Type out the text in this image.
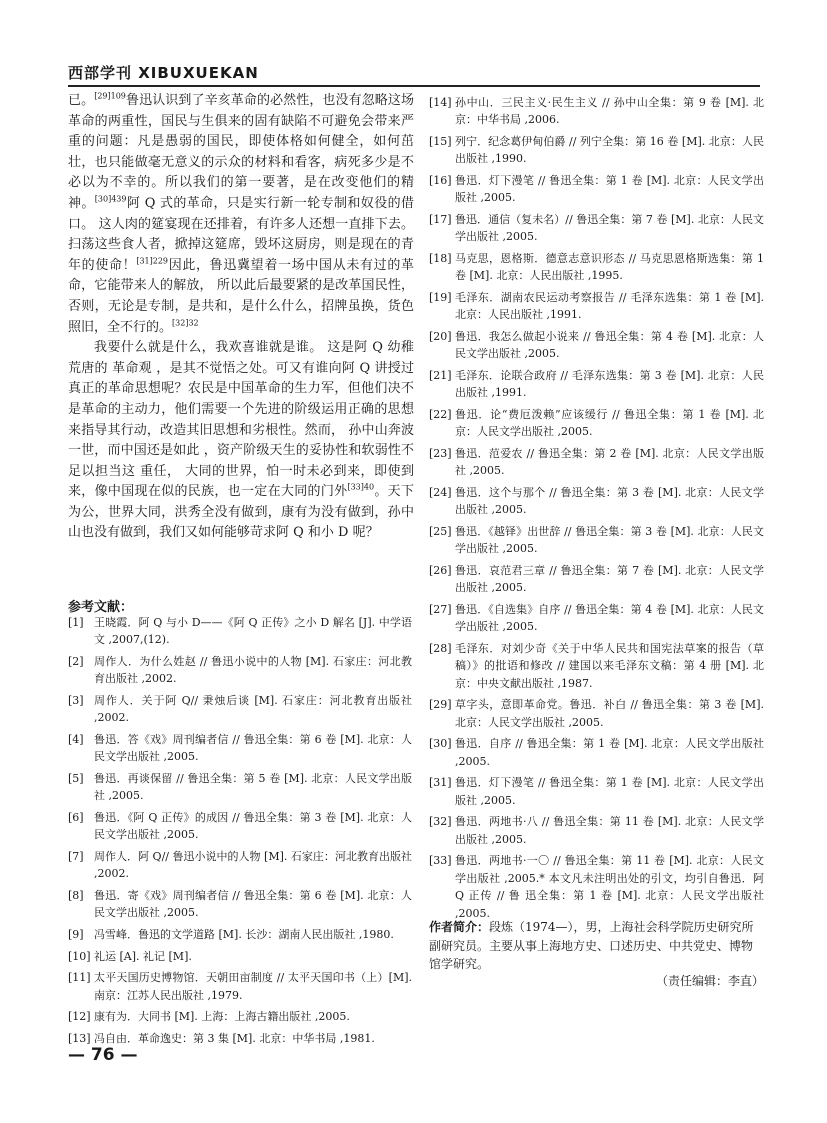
西部学刊 XIBUXUEKAN

已。$^{[29]109}$鲁迅认识到了辛亥革命的必然性，也没有忽略这场革命的两重性，国民与生俱来的固有缺陷不可避免会带来严重的问题：凡是愚弱的国民，即使体格如何健全，如何茁壮，也只能做毫无意义的示众的材料和看客，病死多少是不必以为不幸的。所以我们的第一要著，是在改变他们的精神。$^{[30]439}$阿 Q 式的革命，只是实行新一轮专制和奴役的借口。 这人肉的筵宴现在还排着，有许多人还想一直排下去。扫荡这些食人者，掀掉这筵席，毁坏这厨房，则是现在的青年的使命！$^{[31]229}$因此，鲁迅冀望着一场中国从未有过的革命，它能带来人的解放， 所以此后最要紧的是改革国民性，否则，无论是专制，是共和，是什么什么，招牌虽换，货色照旧，全不行的。$^{[32]32}$

我要什么就是什么，我欢喜谁就是谁。 这是阿 Q 幼稚荒唐的 革命观 ，是其不觉悟之处。可又有谁向阿 Q 讲授过真正的革命思想呢？农民是中国革命的生力军，但他们决不是革命的主动力，他们需要一个先进的阶级运用正确的思想来指导其行动，改造其旧思想和劣根性。然而， 孙中山奔波一世，而中国还是如此 ，资产阶级天生的妥协性和软弱性不足以担当这 重任， 大同的世界，怕一时未必到来，即使到来，像中国现在似的民族，也一定在大同的门外$^{[33]40}$。天下为公，世界大同，洪秀全没有做到，康有为没有做到，孙中山也没有做到，我们又如何能够苛求阿 Q 和小 D 呢？

参考文献：
[1] 王晓霞．阿 Q 与小 D——《阿 Q 正传》之小 D 解名 [J]. 中学语文 ,2007,(12).
[2] 周作人．为什么姓赵 // 鲁迅小说中的人物 [M]. 石家庄：河北教育出版社 ,2002.
[3] 周作人．关于阿 Q// 秉烛后谈 [M]. 石家庄：河北教育出版社 ,2002.
[4] 鲁迅．答《戏》周刊编者信 // 鲁迅全集：第 6 卷 [M]. 北京：人民文学出版社 ,2005.
[5] 鲁迅．再谈保留 // 鲁迅全集：第 5 卷 [M]. 北京：人民文学出版社 ,2005.
[6] 鲁迅．《阿 Q 正传》的成因 // 鲁迅全集：第 3 卷 [M]. 北京：人民文学出版社 ,2005.
[7] 周作人．阿 Q// 鲁迅小说中的人物 [M]. 石家庄：河北教育出版社 ,2002.
[8] 鲁迅．寄《戏》周刊编者信 // 鲁迅全集：第 6 卷 [M]. 北京：人民文学出版社 ,2005.
[9] 冯雪峰．鲁迅的文学道路 [M]. 长沙：湖南人民出版社 ,1980.
[10] 礼运 [A]. 礼记 [M].
[11] 太平天国历史博物馆．天朝田亩制度 // 太平天国印书（上）[M]. 南京：江苏人民出版社 ,1979.
[12] 康有为．大同书 [M]. 上海：上海古籍出版社 ,2005.
[13] 冯自由．革命逸史：第 3 集 [M]. 北京：中华书局 ,1981.
[14] 孙中山．三民主义·民生主义 // 孙中山全集：第 9 卷 [M]. 北京：中华书局 ,2006.
[15] 列宁．纪念葛伊甸伯爵 // 列宁全集：第 16 卷 [M]. 北京：人民出版社 ,1990.
[16] 鲁迅．灯下漫笔 // 鲁迅全集：第 1 卷 [M]. 北京：人民文学出版社 ,2005.
[17] 鲁迅．通信（复未名）// 鲁迅全集：第 7 卷 [M]. 北京：人民文学出版社 ,2005.
[18] 马克思，恩格斯．德意志意识形态 // 马克思恩格斯选集：第 1 卷 [M]. 北京：人民出版社 ,1995.
[19] 毛泽东．湖南农民运动考察报告 // 毛泽东选集：第 1 卷 [M]. 北京：人民出版社 ,1991.
[20] 鲁迅．我怎么做起小说来 // 鲁迅全集：第 4 卷 [M]. 北京：人民文学出版社 ,2005.
[21] 毛泽东．论联合政府 // 毛泽东选集：第 3 卷 [M]. 北京：人民出版社 ,1991.
[22] 鲁迅．论“费厄泼赖”应该缓行 // 鲁迅全集：第 1 卷 [M]. 北京：人民文学出版社 ,2005.
[23] 鲁迅．范爱农 // 鲁迅全集：第 2 卷 [M]. 北京：人民文学出版社 ,2005.
[24] 鲁迅．这个与那个 // 鲁迅全集：第 3 卷 [M]. 北京：人民文学出版社 ,2005.
[25] 鲁迅．《越铎》出世辞 // 鲁迅全集：第 3 卷 [M]. 北京：人民文学出版社 ,2005.
[26] 鲁迅．哀范君三章 // 鲁迅全集：第 7 卷 [M]. 北京：人民文学出版社 ,2005.
[27] 鲁迅．《自选集》自序 // 鲁迅全集：第 4 卷 [M]. 北京：人民文学出版社 ,2005.
[28] 毛泽东．对刘少奇《关于中华人民共和国宪法草案的报告（草稿）》的批语和修改 // 建国以来毛泽东文稿：第 4 册 [M]. 北京：中央文献出版社 ,1987.
[29] 草字头，意即革命党。鲁迅．补白 // 鲁迅全集：第 3 卷 [M]. 北京：人民文学出版社 ,2005.
[30] 鲁迅．自序 // 鲁迅全集：第 1 卷 [M]. 北京：人民文学出版社 ,2005.
[31] 鲁迅．灯下漫笔 // 鲁迅全集：第 1 卷 [M]. 北京：人民文学出版社 ,2005.
[32] 鲁迅．两地书·八 // 鲁迅全集：第 11 卷 [M]. 北京：人民文学出版社 ,2005.
[33] 鲁迅．两地书·一〇 // 鲁迅全集：第 11 卷 [M]. 北京：人民文学出版社 ,2005.* 本文凡未注明出处的引文，均引自鲁迅．阿 Q 正传 // 鲁 迅全集：第 1 卷 [M]. 北京：人民文学出版社 ,2005.
作者简介：段炼（1974—），男，上海社会科学院历史研究所副研究员。主要从事上海地方史、口述历史、中共党史、博物馆学研究。
（责任编辑：李直）
— 76 —
